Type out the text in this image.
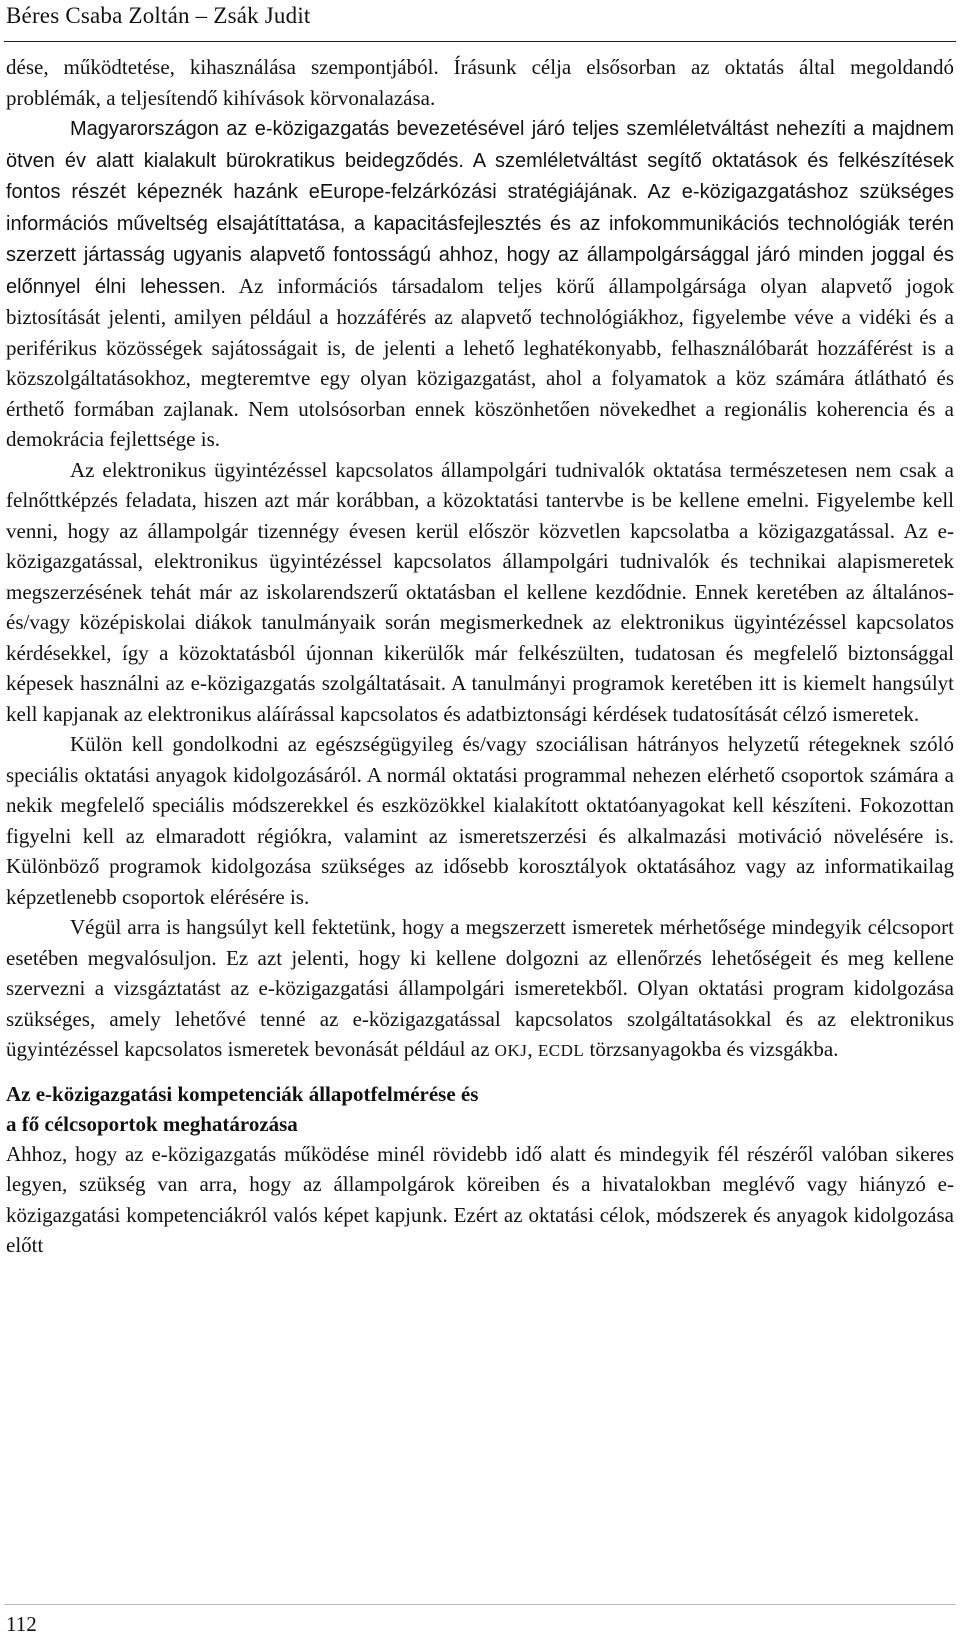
Béres Csaba Zoltán – Zsák Judit

dése, működtetése, kihasználása szempontjából. Írásunk célja elsősorban az oktatás által megoldandó problémák, a teljesítendő kihívások körvonalazása.

Magyarországon az e-közigazgatás bevezetésével járó teljes szemléletváltást nehezíti a majdnem ötven év alatt kialakult bürokratikus beidegződés. A szemléletváltást segítő oktatások és felkészítések fontos részét képeznék hazánk eEurope-felzárkózási stratégiájának. Az e-közigazgatáshoz szükséges információs műveltség elsajátíttatása, a kapacitásfejlesztés és az infokommunikációs technológiák terén szerzett jártasság ugyanis alapvető fontosságú ahhoz, hogy az állampolgársággal járó minden joggal és előnnyel élni lehessen. Az információs társadalom teljes körű állampolgársága olyan alapvető jogok biztosítását jelenti, amilyen például a hozzáférés az alapvető technológiákhoz, figyelembe véve a vidéki és a periférikus közösségek sajátosságait is, de jelenti a lehető leghatékonyabb, felhasználóbarát hozzáférést is a közszolgáltatásokhoz, megteremtve egy olyan közigazgatást, ahol a folyamatok a köz számára átlátható és érthető formában zajlanak. Nem utolsósorban ennek köszönhetően növekedhet a regionális koherencia és a demokrácia fejlettsége is.

Az elektronikus ügyintézéssel kapcsolatos állampolgári tudnivalók oktatása természetesen nem csak a felnőttképzés feladata, hiszen azt már korábban, a közoktatási tantervbe is be kellene emelni. Figyelembe kell venni, hogy az állampolgár tizennégy évesen kerül először közvetlen kapcsolatba a közigazgatással. Az e-közigazgatással, elektronikus ügyintézéssel kapcsolatos állampolgári tudnivalók és technikai alapismeretek megszerzésének tehát már az iskolarendszerű oktatásban el kellene kezdődnie. Ennek keretében az általános- és/vagy középiskolai diákok tanulmányaik során megismerkednek az elektronikus ügyintézéssel kapcsolatos kérdésekkel, így a közoktatásból újonnan kikerülők már felkészülten, tudatosan és megfelelő biztonsággal képesek használni az e-közigazgatás szolgáltatásait. A tanulmányi programok keretében itt is kiemelt hangsúlyt kell kapjanak az elektronikus aláírással kapcsolatos és adatbiztonsági kérdések tudatosítását célzó ismeretek.

Külön kell gondolkodni az egészségügyileg és/vagy szociálisan hátrányos helyzetű rétegeknek szóló speciális oktatási anyagok kidolgozásáról. A normál oktatási programmal nehezen elérhető csoportok számára a nekik megfelelő speciális módszerekkel és eszközökkel kialakított oktatóanyagokat kell készíteni. Fokozottan figyelni kell az elmaradott régiókra, valamint az ismeretszerzési és alkalmazási motiváció növelésére is. Különböző programok kidolgozása szükséges az idősebb korosztályok oktatásához vagy az informatikailag képzetlenebb csoportok elérésére is.

Végül arra is hangsúlyt kell fektetünk, hogy a megszerzett ismeretek mérhetősége mindegyik célcsoport esetében megvalósuljon. Ez azt jelenti, hogy ki kellene dolgozni az ellenőrzés lehetőségeit és meg kellene szervezni a vizsgáztatást az e-közigazgatási állampolgári ismeretekből. Olyan oktatási program kidolgozása szükséges, amely lehetővé tenné az e-közigazgatással kapcsolatos szolgáltatásokkal és az elektronikus ügyintézéssel kapcsolatos ismeretek bevonását például az OKJ, ECDL törzsanyagokba és vizsgákba.

Az e-közigazgatási kompetenciák állapotfelmérése és
a fő célcsoportok meghatározása

Ahhoz, hogy az e-közigazgatás működése minél rövidebb idő alatt és mindegyik fél részéről valóban sikeres legyen, szükség van arra, hogy az állampolgárok köreiben és a hivatalokban meglévő vagy hiányzó e-közigazgatási kompetenciákról valós képet kapjunk. Ezért az oktatási célok, módszerek és anyagok kidolgozása előtt

112
